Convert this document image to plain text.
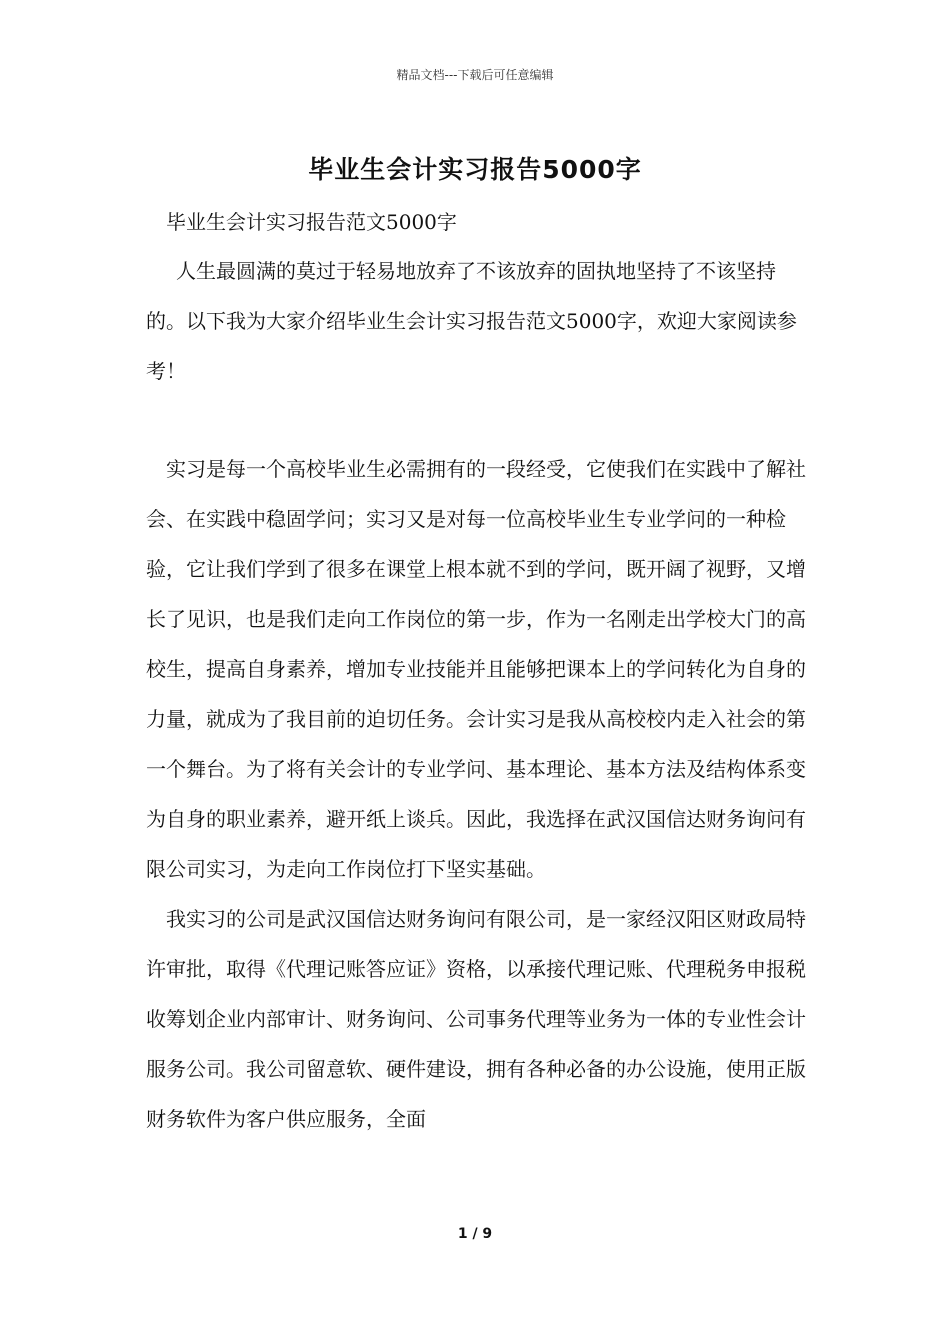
精品文档---下载后可任意编辑
毕业生会计实习报告5000字

毕业生会计实习报告范文5000字

人生最圆满的莫过于轻易地放弃了不该放弃的固执地坚持了不该坚持的。以下我为大家介绍毕业生会计实习报告范文5000字，欢迎大家阅读参考！

实习是每一个高校毕业生必需拥有的一段经受，它使我们在实践中了解社会、在实践中稳固学问；实习又是对每一位高校毕业生专业学问的一种检验，它让我们学到了很多在课堂上根本就不到的学问，既开阔了视野，又增长了见识，也是我们走向工作岗位的第一步，作为一名刚走出学校大门的高校生，提高自身素养，增加专业技能并且能够把课本上的学问转化为自身的力量，就成为了我目前的迫切任务。会计实习是我从高校校内走入社会的第一个舞台。为了将有关会计的专业学问、基本理论、基本方法及结构体系变为自身的职业素养，避开纸上谈兵。因此，我选择在武汉国信达财务询问有限公司实习，为走向工作岗位打下坚实基础。

我实习的公司是武汉国信达财务询问有限公司，是一家经汉阳区财政局特许审批，取得《代理记账答应证》资格，以承接代理记账、代理税务申报税收筹划企业内部审计、财务询问、公司事务代理等业务为一体的专业性会计服务公司。我公司留意软、硬件建设，拥有各种必备的办公设施，使用正版财务软件为客户供应服务，全面

1 / 9
